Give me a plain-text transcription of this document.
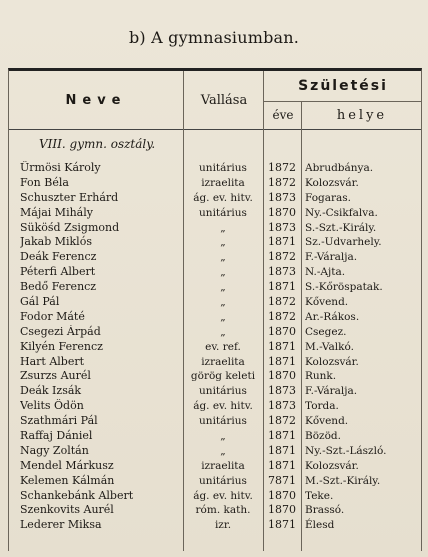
b) A gymnasiumban.
Neve	Vallása
Születési
éve	helye
VIII. gymn. osztály.
Ürmösi Károly	unitárius	1872 Abrudbánya.
Fon Béla	izraelita	1872 Kolozsvár.
Schuszter Erhárd	ág. ev. hitv.	1873 Fogaras.
Májai Mihály	unitárius	1870 Ny.-Csikfalva.
Süköśd Zsigmond	„	1873 S.-Szt.-Király.
Jakab Miklós	„	1871 Sz.-Udvarhely.
Deák Ferencz	„	1872 F.-Váralja.
Péterfi Albert	„	1873 N.-Ajta.
Bedő Ferencz	„	1871 S.-Kőröspatak.
Gál Pál	„	1872 Kővend.
Fodor Máté	„	1872 Ar.-Rákos.
Csegezi Árpád	„	1870 Csegez.
Kilyén Ferencz	ev. ref.	1871 M.-Valkó.
Hart Albert	izraelita	1871 Kolozsvár.
Zsurzs Aurél	görög keleti	1870 Runk.
Deák Izsák	unitárius	1873 F.-Váralja.
Velits Ödön	ág. ev. hitv.	1873 Torda.
Szathmári Pál	unitárius	1872 Kővend.
Raffaj Dániel	„	1871 Bözöd.
Nagy Zoltán	„	1871 Ny.-Szt.-László.
Mendel Márkusz	izraelita	1871 Kolozsvár.
Kelemen Kálmán	unitárius	7871 M.-Szt.-Király.
Schankebánk Albert	ág. ev. hitv.	1870 Teke.
Szenkovits Aurél	róm. kath.	1870 Brassó.
Lederer Miksa	izr.	1871 Élesd
